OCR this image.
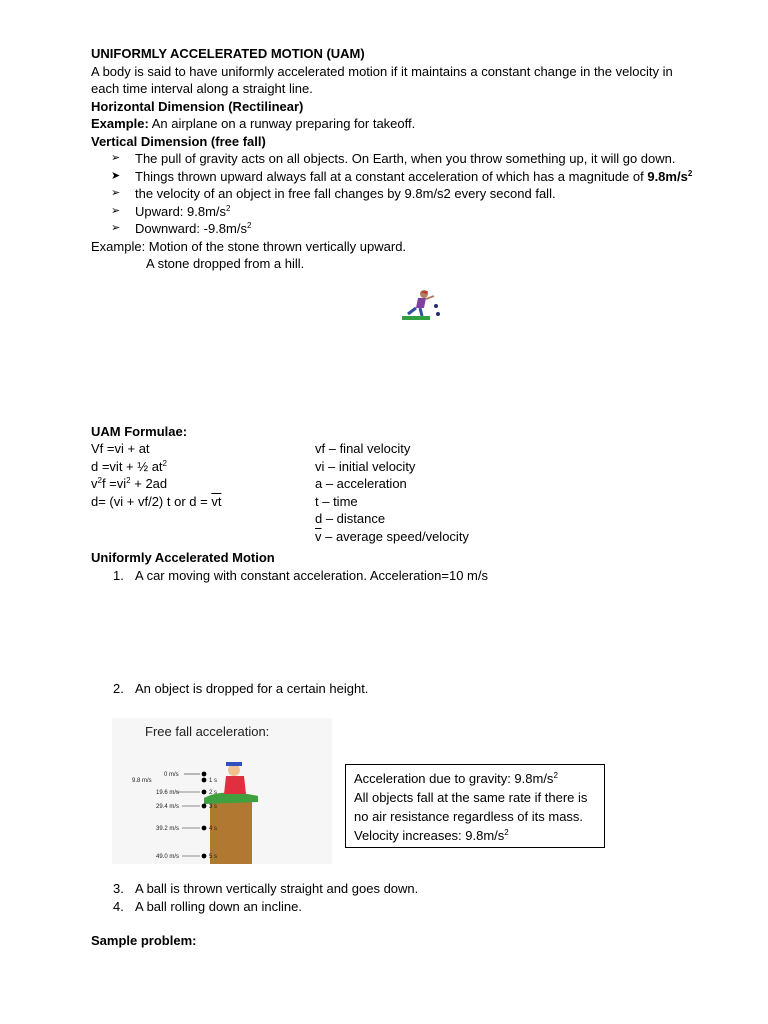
UNIFORMLY ACCELERATED MOTION (UAM)

A body is said to have uniformly accelerated motion if it maintains a constant change in the velocity in each time interval along a straight line.

Horizontal Dimension (Rectilinear)

Example: An airplane on a runway preparing for takeoff.

Vertical Dimension (free fall)

➢ The pull of gravity acts on all objects. On Earth, when you throw something up, it will go down.
➤ Things thrown upward always fall at a constant acceleration of which has a magnitude of $9.8m/s^2$
➢ the velocity of an object in free fall changes by 9.8m/s2 every second fall.
➢ Upward: $9.8m/s^2$
➢ Downward: $-9.8m/s^2$

Example: Motion of the stone thrown vertically upward.

A stone dropped from a hill.

UAM Formulae:

Vf =vi + at

d =vit + ½ $at^2$

$v^2f =vi^2 + 2ad$

d= (vi + vf/2) t or $d = \overline{vt}$

vf – final velocity

vi – initial velocity

a – acceleration

t – time

d – distance

$\overline{v}$ – average speed/velocity

Uniformly Accelerated Motion

1. A car moving with constant acceleration. Acceleration=10 m/s
2. An object is dropped for a certain height.
Free fall acceleration:
0 m/s
9.8 m/s
19.6 m/s
29.4 m/s
39.2 m/s
49.0 m/s
1 s
2 s
3 s
4 s
5 s
Acceleration due to gravity: $9.8m/s^2$
All objects fall at the same rate if there is
no air resistance regardless of its mass.
Velocity increases: $9.8m/s^2$
3. A ball is thrown vertically straight and goes down.
4. A ball rolling down an incline.

Sample problem:
